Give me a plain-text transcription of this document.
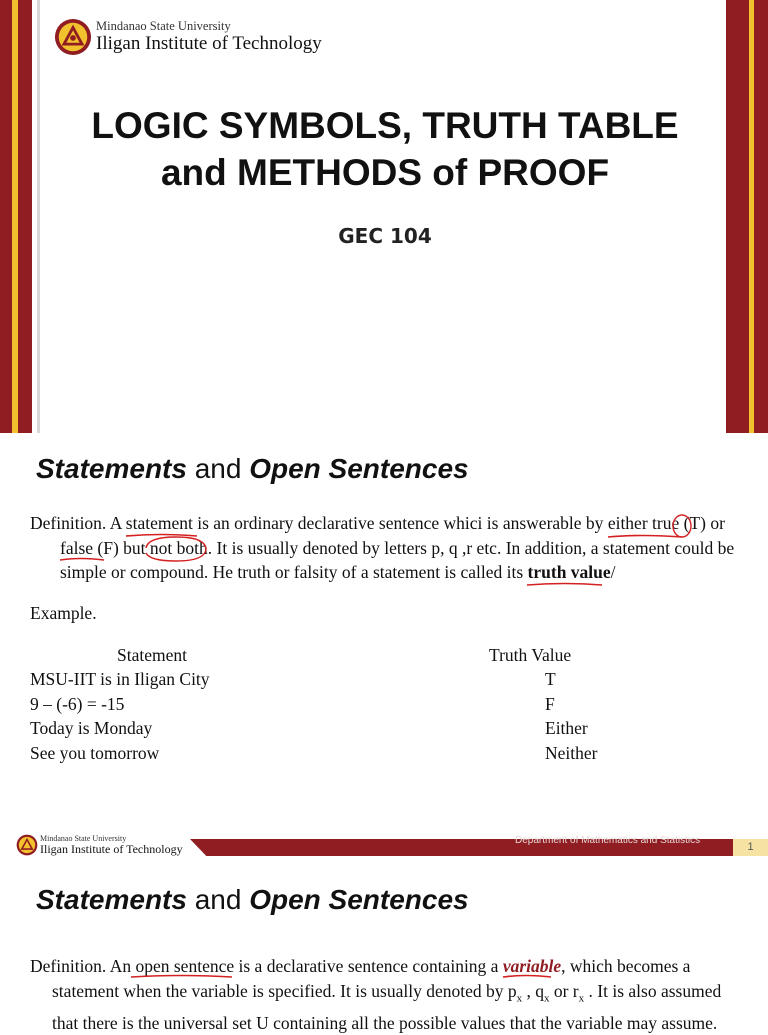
Mindanao State University
Iligan Institute of Technology
LOGIC SYMBOLS, TRUTH TABLE
and METHODS of PROOF
GEC 104
Statements and Open Sentences
Definition. A statement is an ordinary declarative sentence whici is answerable by either true (T) or
false (F) but not both. It is usually denoted by letters p, q ,r etc. In addition, a statement could be
simple or compound. He truth or falsity of a statement is called its truth value/
Example.
Statement	Truth Value
MSU-IIT is in Iligan City	T
9 – (-6) = -15	F
Today is Monday	Either
See you tomorrow	Neither
Mindanao State University
Iligan Institute of Technology
Department of Mathematics and Statistics
1
Statements and Open Sentences
Definition. An open sentence is a declarative sentence containing a variable, which becomes a
statement when the variable is specified. It is usually denoted by $p_x$ , $q_x$ or $r_x$ . It is also assumed
that there is the universal set U containing all the possible values that the variable may assume.
